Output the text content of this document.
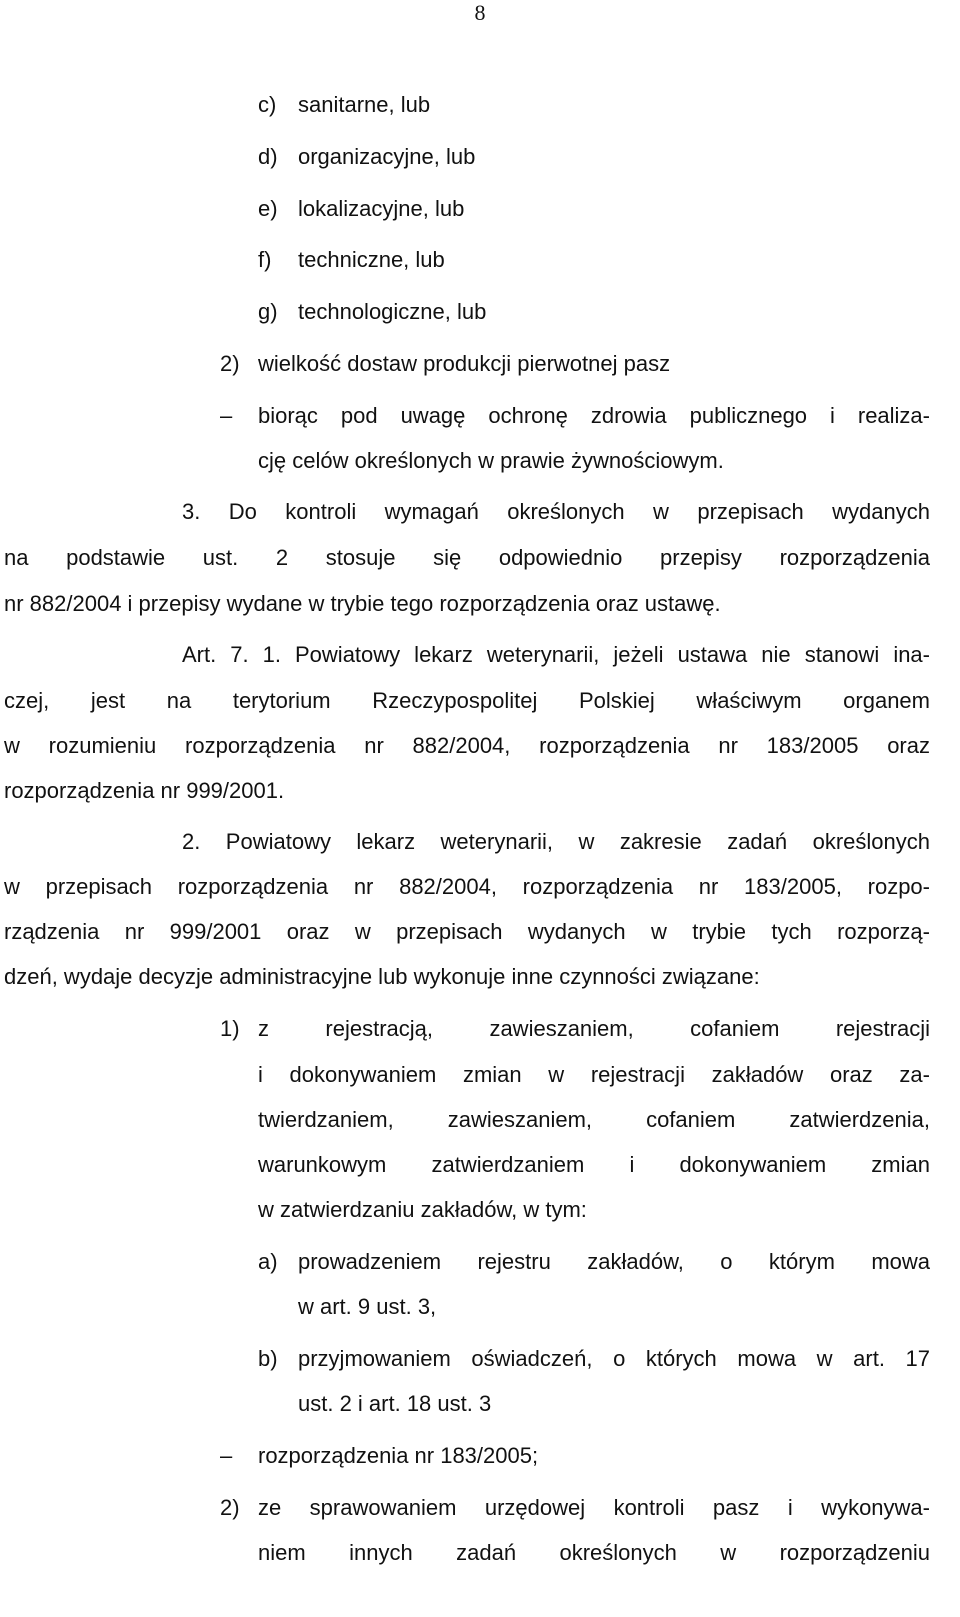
8
c) sanitarne, lub
d) organizacyjne, lub
e) lokalizacyjne, lub
f) techniczne, lub
g) technologiczne, lub
2) wielkość dostaw produkcji pierwotnej pasz
– biorąc pod uwagę ochronę zdrowia publicznego i realiza-
cję celów określonych w prawie żywnościowym.
3. Do kontroli wymagań określonych w przepisach wydanych
na podstawie ust. 2 stosuje się odpowiednio przepisy rozporządzenia
nr 882/2004 i przepisy wydane w trybie tego rozporządzenia oraz ustawę.
Art. 7. 1. Powiatowy lekarz weterynarii, jeżeli ustawa nie stanowi ina-
czej, jest na terytorium Rzeczypospolitej Polskiej właściwym organem
w rozumieniu rozporządzenia nr 882/2004, rozporządzenia nr 183/2005 oraz
rozporządzenia nr 999/2001.
2. Powiatowy lekarz weterynarii, w zakresie zadań określonych
w przepisach rozporządzenia nr 882/2004, rozporządzenia nr 183/2005, rozpo-
rządzenia nr 999/2001 oraz w przepisach wydanych w trybie tych rozporzą-
dzeń, wydaje decyzje administracyjne lub wykonuje inne czynności związane:
1) z rejestracją, zawieszaniem, cofaniem rejestracji
i dokonywaniem zmian w rejestracji zakładów oraz za-
twierdzaniem, zawieszaniem, cofaniem zatwierdzenia,
warunkowym zatwierdzaniem i dokonywaniem zmian
w zatwierdzaniu zakładów, w tym:
a) prowadzeniem rejestru zakładów, o którym mowa
w art. 9 ust. 3,
b) przyjmowaniem oświadczeń, o których mowa w art. 17
ust. 2 i art. 18 ust. 3
– rozporządzenia nr 183/2005;
2) ze sprawowaniem urzędowej kontroli pasz i wykonywa-
niem innych zadań określonych w rozporządzeniu
